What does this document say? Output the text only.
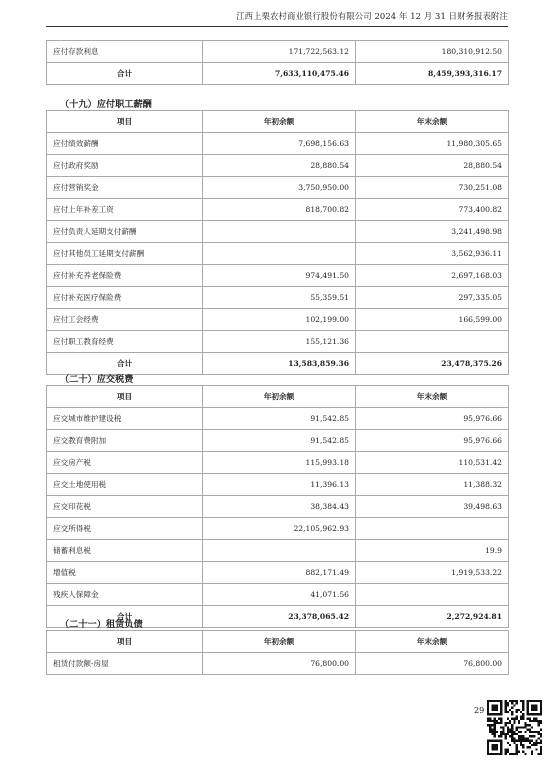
江西上栗农村商业银行股份有限公司 2024 年 12 月 31 日财务报表附注
应付存款利息	171,722,563.12	180,310,912.50
合计	7,633,110,475.46	8,459,393,316.17
（十九）应付职工薪酬
项目	年初余额	年末余额
应付绩效薪酬	7,698,156.63	11,980,305.65
应付政府奖励	28,880.54	28,880.54
应付营销奖金	3,750,950.00	730,251.08
应付上年补差工资	818,700.82	773,400.82
应付负责人延期支付薪酬		3,241,498.98
应付其他员工延期支付薪酬		3,562,936.11
应付补充养老保险费	974,491.50	2,697,168.03
应付补充医疗保险费	55,359.51	297,335.05
应付工会经费	102,199.00	166,599.00
应付职工教育经费	155,121.36	
合计	13,583,859.36	23,478,375.26
（二十）应交税费
项目	年初余额	年末余额
应交城市维护建设税	91,542.85	95,976.66
应交教育费附加	91,542.85	95,976.66
应交房产税	115,993.18	110,531.42
应交土地使用税	11,396.13	11,388.32
应交印花税	38,384.43	39,498.63
应交所得税	22,105,962.93	
储蓄利息税		19.9
增值税	882,171.49	1,919,533.22
残疾人保障金	41,071.56	
合计	23,378,065.42	2,272,924.81
（二十一）租赁负债
项目	年初余额	年末余额
租赁付款额-房屋	76,800.00	76,800.00
29
